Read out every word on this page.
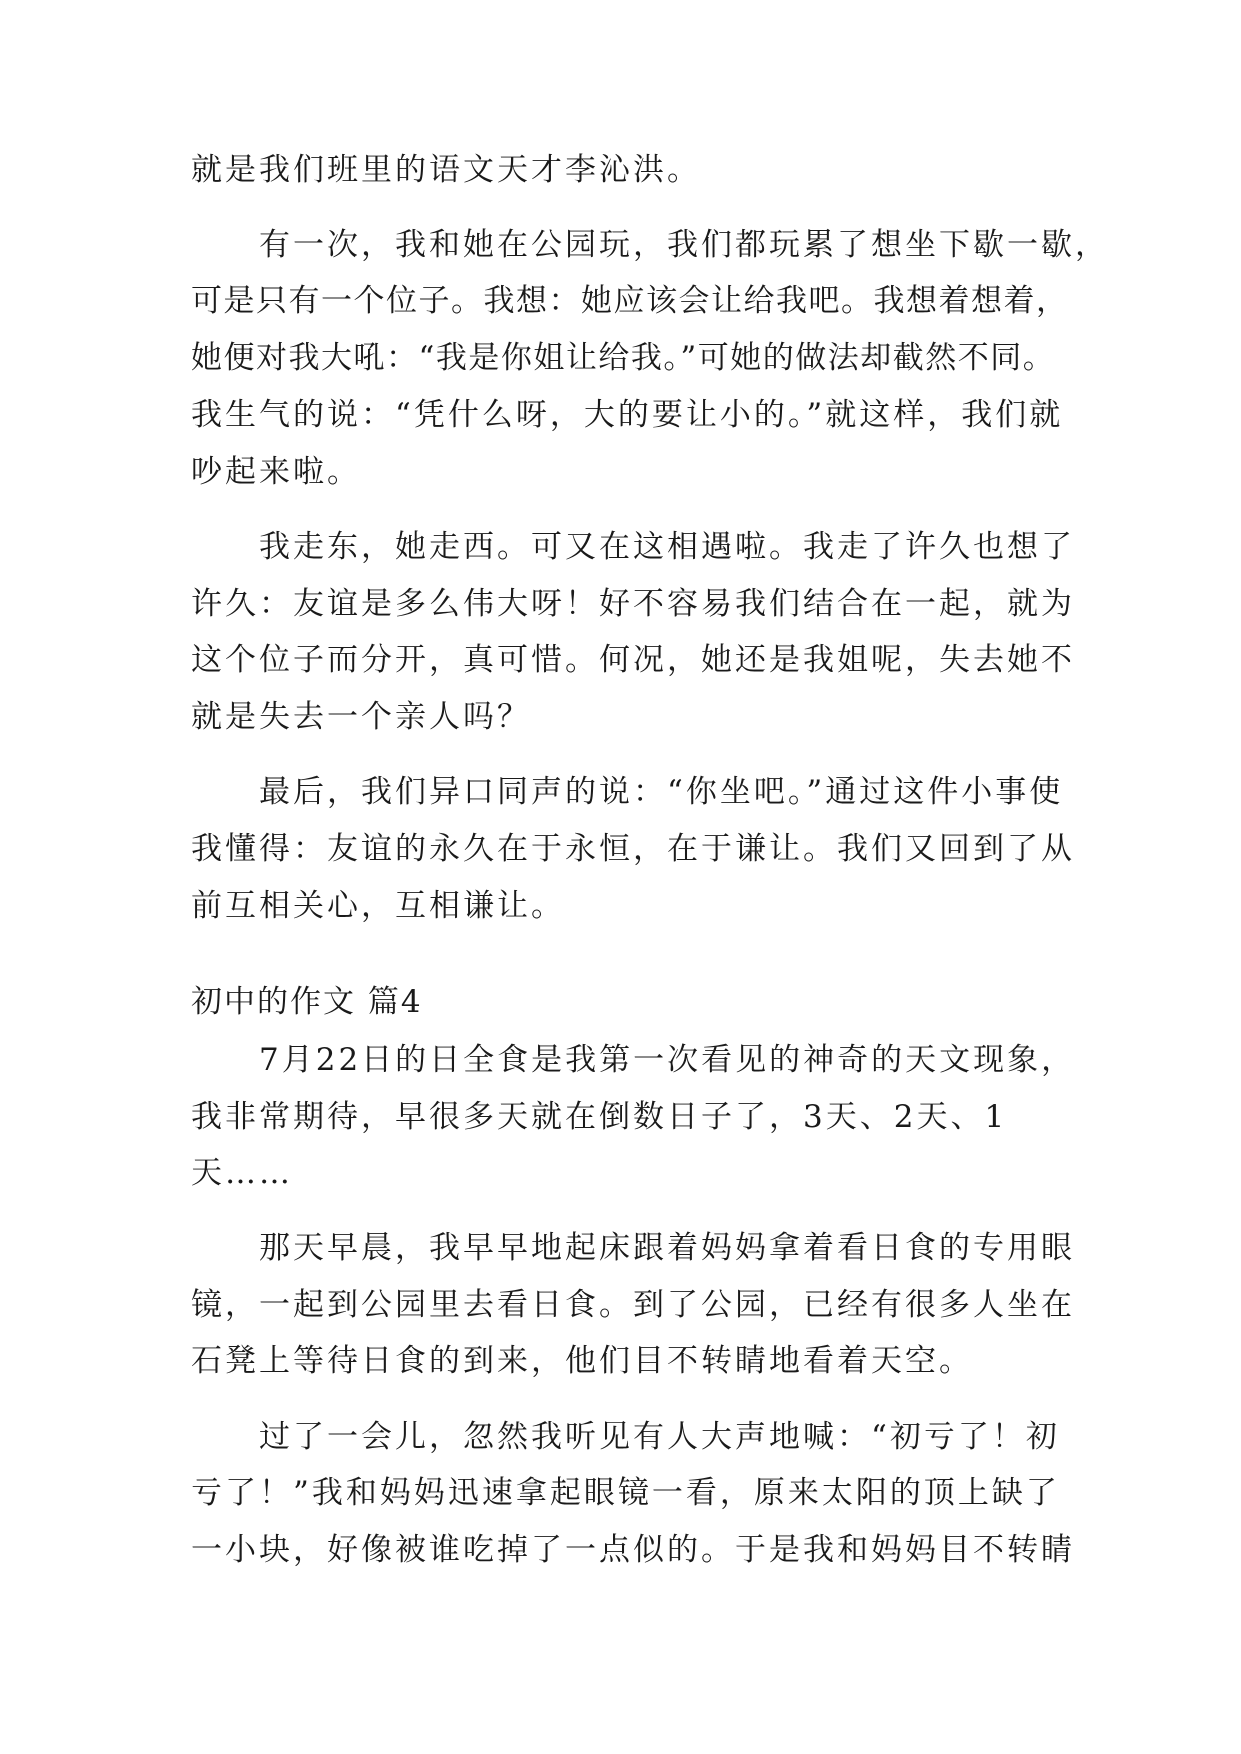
就是我们班里的语文天才李沁洪。
有一次，我和她在公园玩，我们都玩累了想坐下歇一歇，
可是只有一个位子。我想：她应该会让给我吧。我想着想着，
她便对我大吼：“我是你姐让给我。”可她的做法却截然不同。
我生气的说：“凭什么呀，大的要让小的。”就这样，我们就
吵起来啦。
我走东，她走西。可又在这相遇啦。我走了许久也想了
许久：友谊是多么伟大呀！好不容易我们结合在一起，就为
这个位子而分开，真可惜。何况，她还是我姐呢，失去她不
就是失去一个亲人吗？
最后，我们异口同声的说：“你坐吧。”通过这件小事使
我懂得：友谊的永久在于永恒，在于谦让。我们又回到了从
前互相关心，互相谦让。
初中的作文 篇4
7月22日的日全食是我第一次看见的神奇的天文现象，
我非常期待，早很多天就在倒数日子了，3天、2天、1
天……
那天早晨，我早早地起床跟着妈妈拿着看日食的专用眼
镜，一起到公园里去看日食。到了公园，已经有很多人坐在
石凳上等待日食的到来，他们目不转睛地看着天空。
过了一会儿，忽然我听见有人大声地喊：“初亏了！初
亏了！”我和妈妈迅速拿起眼镜一看，原来太阳的顶上缺了
一小块，好像被谁吃掉了一点似的。于是我和妈妈目不转睛
